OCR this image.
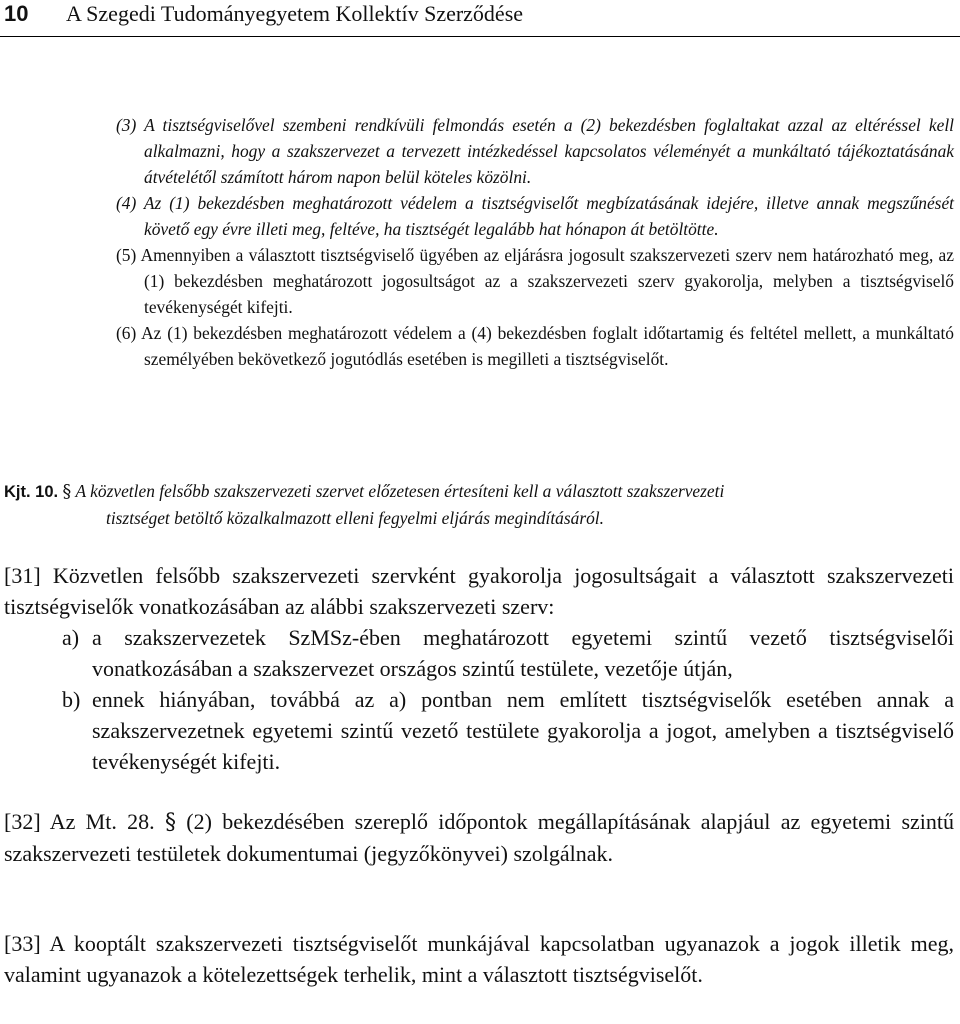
10 A Szegedi Tudományegyetem Kollektív Szerződése

(3) A tisztségviselővel szembeni rendkívüli felmondás esetén a (2) bekezdésben foglaltakat azzal az eltéréssel kell alkalmazni, hogy a szakszervezet a tervezett intézkedéssel kapcsolatos véleményét a munkáltató tájékoztatásának átvételétől számított három napon belül köteles közölni.

(4) Az (1) bekezdésben meghatározott védelem a tisztségviselőt megbízatásának idejére, illetve annak megszűnését követő egy évre illeti meg, feltéve, ha tisztségét legalább hat hónapon át betöltötte.

(5) Amennyiben a választott tisztségviselő ügyében az eljárásra jogosult szakszervezeti szerv nem határozható meg, az (1) bekezdésben meghatározott jogosultságot az a szakszervezeti szerv gyakorolja, melyben a tisztségviselő tevékenységét kifejti.

(6) Az (1) bekezdésben meghatározott védelem a (4) bekezdésben foglalt időtartamig és feltétel mellett, a munkáltató személyében bekövetkező jogutódlás esetében is megilleti a tisztségviselőt.

Kjt. 10. § A közvetlen felsőbb szakszervezeti szervet előzetesen értesíteni kell a választott szakszervezeti
tisztséget betöltő közalkalmazott elleni fegyelmi eljárás megindításáról.

[31] Közvetlen felsőbb szakszervezeti szervként gyakorolja jogosultságait a választott szakszervezeti tisztségviselők vonatkozásában az alábbi szakszervezeti szerv:

a) a szakszervezetek SzMSz-ében meghatározott egyetemi szintű vezető tisztségviselői vonatkozásában a szakszervezet országos szintű testülete, vezetője útján,

b) ennek hiányában, továbbá az a) pontban nem említett tisztségviselők esetében annak a szakszervezetnek egyetemi szintű vezető testülete gyakorolja a jogot, amelyben a tisztségviselő tevékenységét kifejti.

[32] Az Mt. 28. § (2) bekezdésében szereplő időpontok megállapításának alapjául az egyetemi szintű szakszervezeti testületek dokumentumai (jegyzőkönyvei) szolgálnak.

[33] A kooptált szakszervezeti tisztségviselőt munkájával kapcsolatban ugyanazok a jogok illetik meg, valamint ugyanazok a kötelezettségek terhelik, mint a választott tisztségviselőt.
